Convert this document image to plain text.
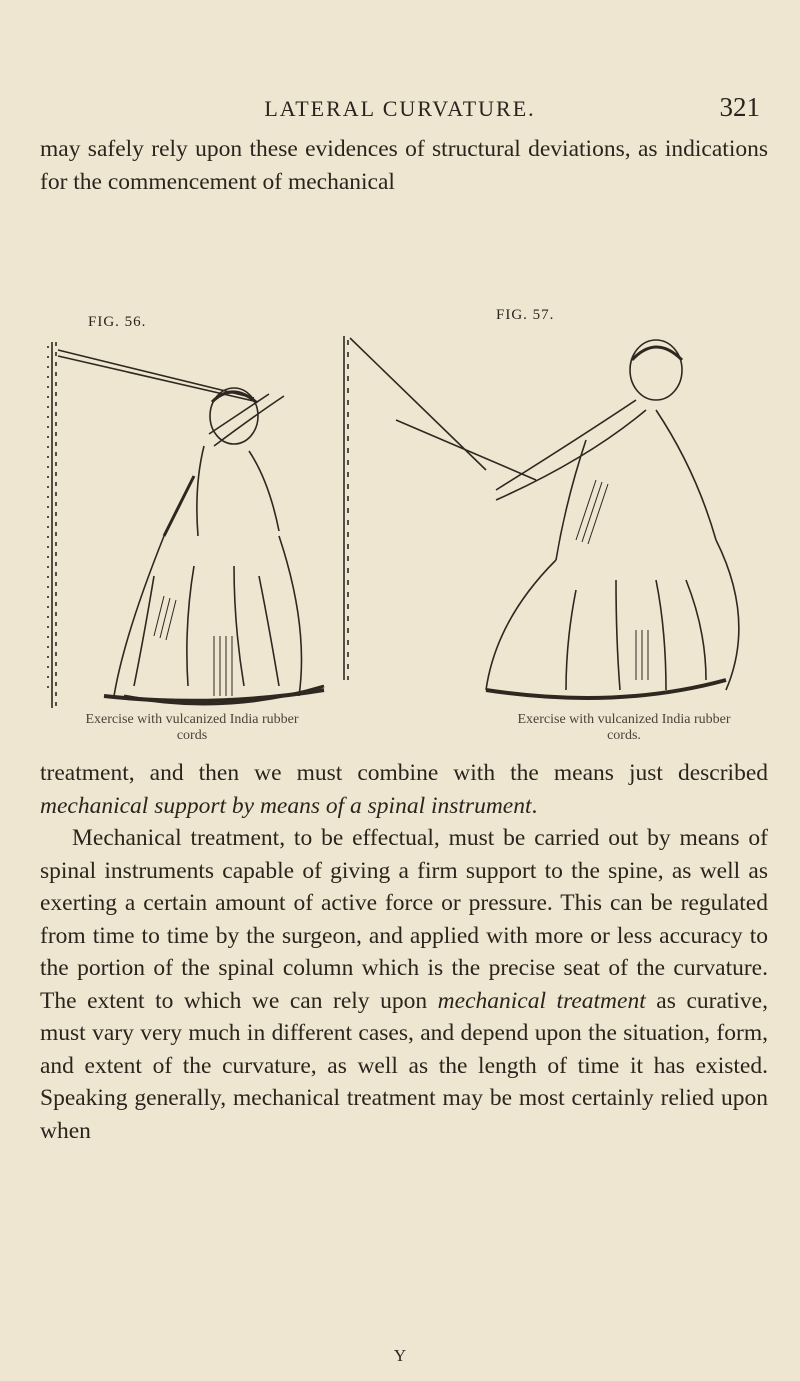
LATERAL CURVATURE.	321

may safely rely upon these evidences of structural deviations, as indications for the commencement of mechanical

FIG. 56.
Exercise with vulcanized India rubber
cords
FIG. 57.
Exercise with vulcanized India rubber
cords.

treatment, and then we must combine with the means just described mechanical support by means of a spinal instrument.

Mechanical treatment, to be effectual, must be carried out by means of spinal instruments capable of giving a firm support to the spine, as well as exerting a certain amount of active force or pressure. This can be regulated from time to time by the surgeon, and applied with more or less accuracy to the portion of the spinal column which is the precise seat of the curvature. The extent to which we can rely upon mechanical treatment as curative, must vary very much in different cases, and depend upon the situation, form, and extent of the curvature, as well as the length of time it has existed. Speaking generally, mechanical treatment may be most certainly relied upon when

Y
